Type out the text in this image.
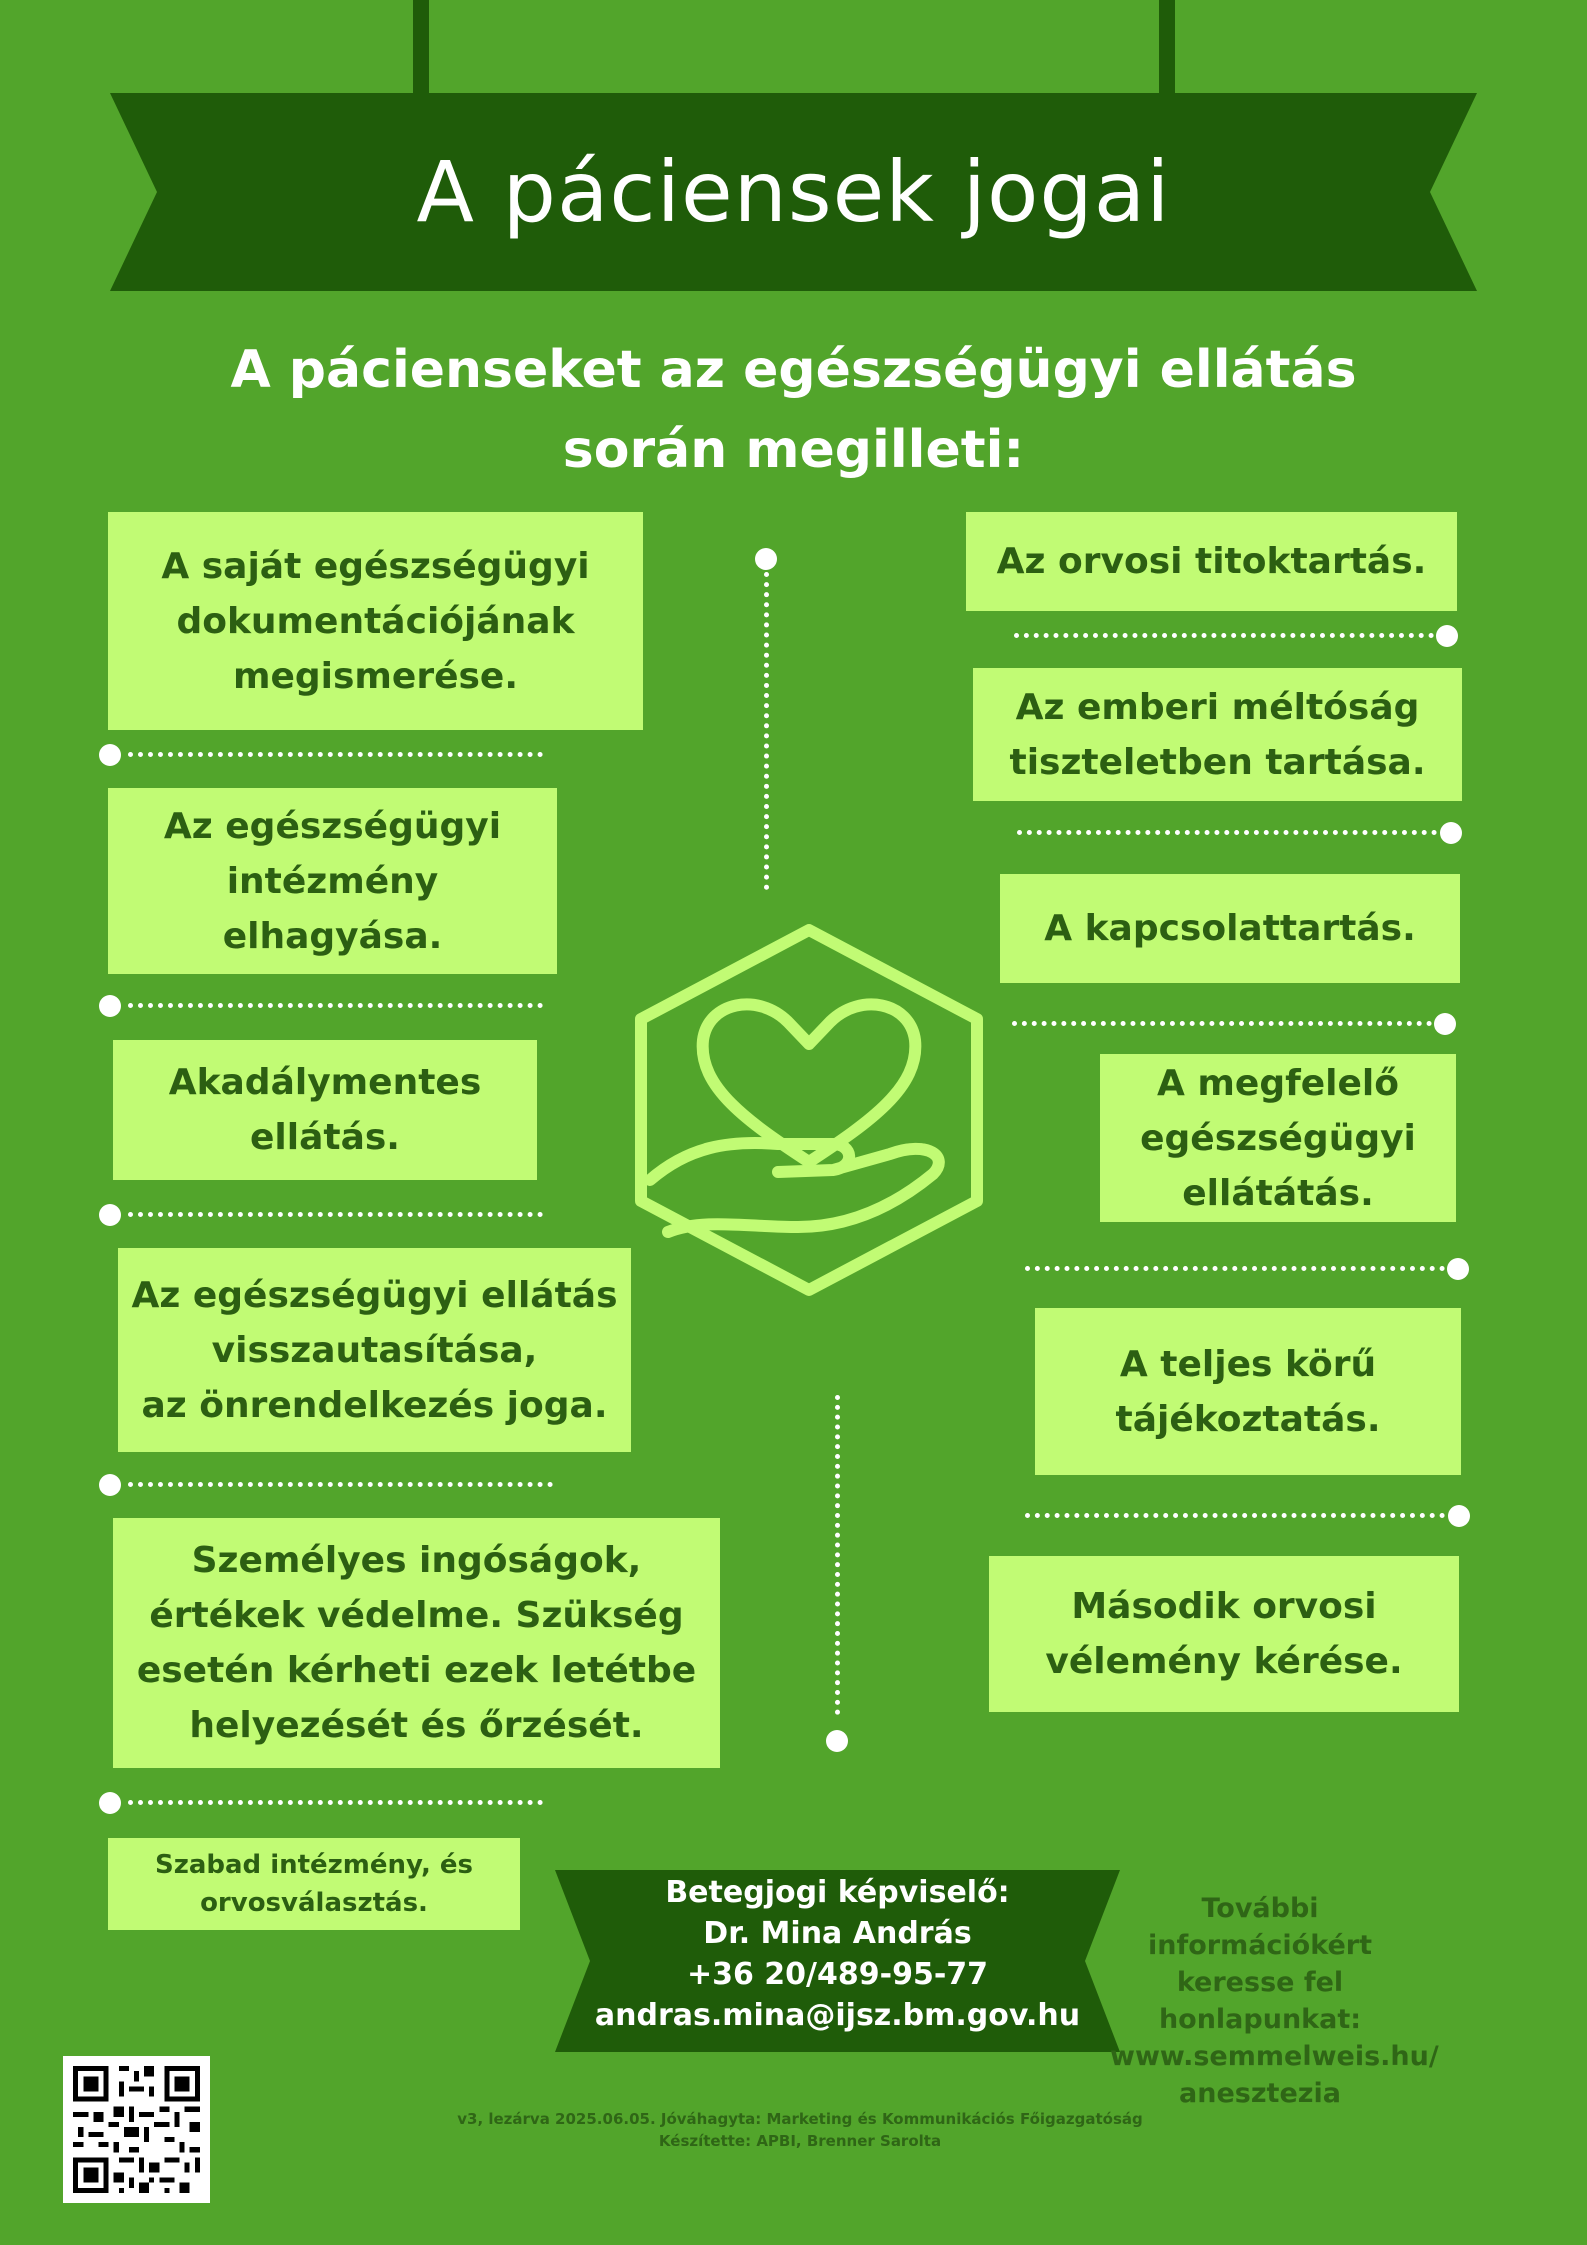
A páciensek jogai
A pácienseket az egészségügyi ellátás
során megilleti:
A saját egészségügyi
dokumentációjának
megismerése.
Az egészségügyi
intézmény
elhagyása.
Akadálymentes
ellátás.
Az egészségügyi ellátás
visszautasítása,
az önrendelkezés joga.
Személyes ingóságok,
értékek védelme. Szükség
esetén kérheti ezek letétbe
helyezését és őrzését.
Szabad intézmény, és
orvosválasztás.
Az orvosi titoktartás.
Az emberi méltóság
tiszteletben tartása.
A kapcsolattartás.
A megfelelő
egészségügyi
ellátátás.
A teljes körű
tájékoztatás.
Második orvosi
vélemény kérése.
Betegjogi képviselő:
Dr. Mina András
+36 20/489-95-77
andras.mina@ijsz.bm.gov.hu
További információkért
keresse fel honlapunkat:
www.semmelweis.hu/
anesztezia
v3, lezárva 2025.06.05. Jóváhagyta: Marketing és Kommunikációs Főigazgatóság
Készítette: APBI, Brenner Sarolta
